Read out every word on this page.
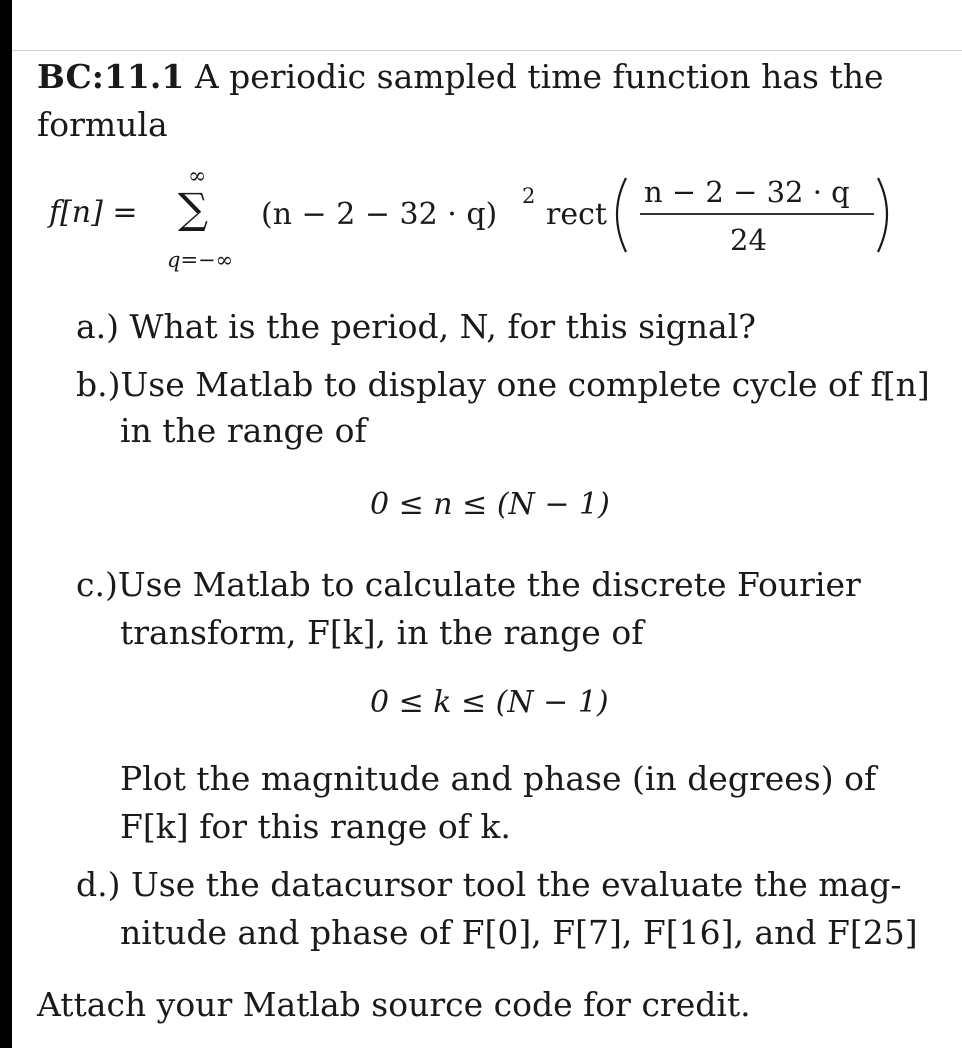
BC:11.1 A periodic sampled time function has the
formula
f[n] =
∞
∑
q=−∞
(n − 2 − 32 · q)
2
rect
n − 2 − 32 · q
24
a.) What is the period, N, for this signal?
b.)Use Matlab to display one complete cycle of f[n]
in the range of
0 ≤ n ≤ (N − 1)
c.)Use Matlab to calculate the discrete Fourier
transform, F[k], in the range of
0 ≤ k ≤ (N − 1)
Plot the magnitude and phase (in degrees) of
F[k] for this range of k.
d.) Use the datacursor tool the evaluate the mag-
nitude and phase of F[0], F[7], F[16], and F[25]
Attach your Matlab source code for credit.
